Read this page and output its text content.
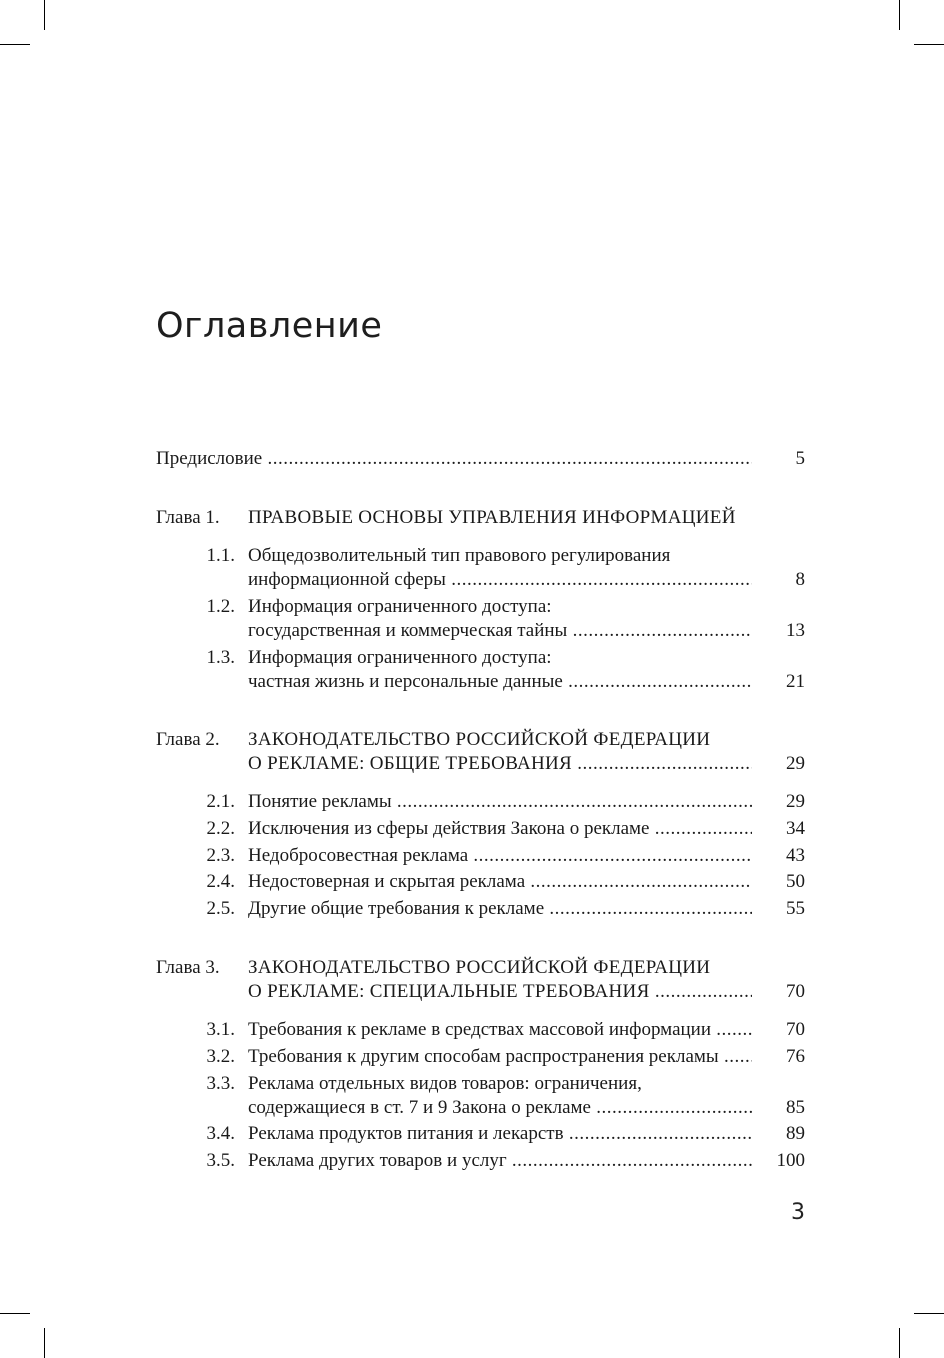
Оглавление
Предисловие .....	5
Глава 1. ПРАВОВЫЕ ОСНОВЫ УПРАВЛЕНИЯ ИНФОРМАЦИЕЙ
1.1. Общедозволительный тип правового регулирования
информационной сферы .....	8
1.2. Информация ограниченного доступа:
государственная и коммерческая тайны .....	13
1.3. Информация ограниченного доступа:
частная жизнь и персональные данные .....	21
Глава 2. ЗАКОНОДАТЕЛЬСТВО РОССИЙСКОЙ ФЕДЕРАЦИИ
О РЕКЛАМЕ: ОБЩИЕ ТРЕБОВАНИЯ .....	29
2.1. Понятие рекламы .....	29
2.2. Исключения из сферы действия Закона о рекламе .....	34
2.3. Недобросовестная реклама .....	43
2.4. Недостоверная и скрытая реклама .....	50
2.5. Другие общие требования к рекламе .....	55
Глава 3. ЗАКОНОДАТЕЛЬСТВО РОССИЙСКОЙ ФЕДЕРАЦИИ
О РЕКЛАМЕ: СПЕЦИАЛЬНЫЕ ТРЕБОВАНИЯ .....	70
3.1. Требования к рекламе в средствах массовой информации .....	70
3.2. Требования к другим способам распространения рекламы .....	76
3.3. Реклама отдельных видов товаров: ограничения,
содержащиеся в ст. 7 и 9 Закона о рекламе .....	85
3.4. Реклама продуктов питания и лекарств .....	89
3.5. Реклама других товаров и услуг .....	100
3
